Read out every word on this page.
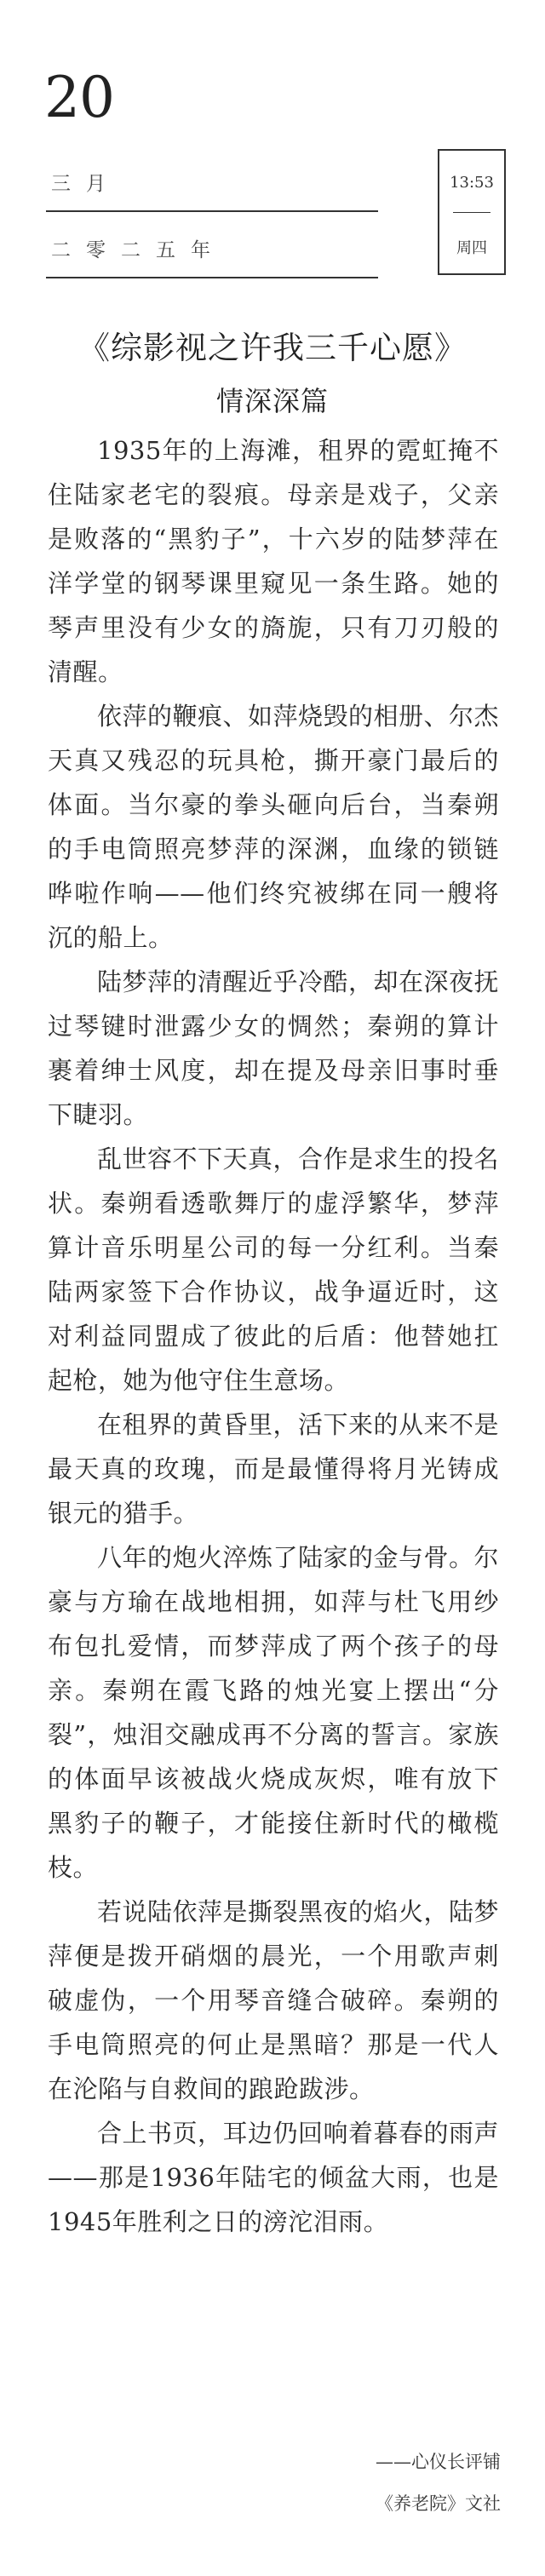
20
三月
二零二五年
13:53
周四
《综影视之许我三千心愿》
情深深篇

1935年的上海滩，租界的霓虹掩不住陆家老宅的裂痕。母亲是戏子，父亲是败落的“黑豹子”，十六岁的陆梦萍在洋学堂的钢琴课里窥见一条生路。她的琴声里没有少女的旖旎，只有刀刃般的清醒。

依萍的鞭痕、如萍烧毁的相册、尔杰天真又残忍的玩具枪，撕开豪门最后的体面。当尔豪的拳头砸向后台，当秦朔的手电筒照亮梦萍的深渊，血缘的锁链哗啦作响——他们终究被绑在同一艘将沉的船上。

陆梦萍的清醒近乎冷酷，却在深夜抚过琴键时泄露少女的惆然；秦朔的算计裹着绅士风度，却在提及母亲旧事时垂下睫羽。

乱世容不下天真，合作是求生的投名状。秦朔看透歌舞厅的虚浮繁华，梦萍算计音乐明星公司的每一分红利。当秦陆两家签下合作协议，战争逼近时，这对利益同盟成了彼此的后盾：他替她扛起枪，她为他守住生意场。

在租界的黄昏里，活下来的从来不是最天真的玫瑰，而是最懂得将月光铸成银元的猎手。

八年的炮火淬炼了陆家的金与骨。尔豪与方瑜在战地相拥，如萍与杜飞用纱布包扎爱情，而梦萍成了两个孩子的母亲。秦朔在霞飞路的烛光宴上摆出“分裂”，烛泪交融成再不分离的誓言。家族的体面早该被战火烧成灰烬，唯有放下黑豹子的鞭子，才能接住新时代的橄榄枝。

若说陆依萍是撕裂黑夜的焰火，陆梦萍便是拨开硝烟的晨光，一个用歌声刺破虚伪，一个用琴音缝合破碎。秦朔的手电筒照亮的何止是黑暗？那是一代人在沦陷与自救间的踉跄跋涉。

合上书页，耳边仍回响着暮春的雨声——那是1936年陆宅的倾盆大雨，也是1945年胜利之日的滂沱泪雨。

——心仪长评铺
《养老院》文社
